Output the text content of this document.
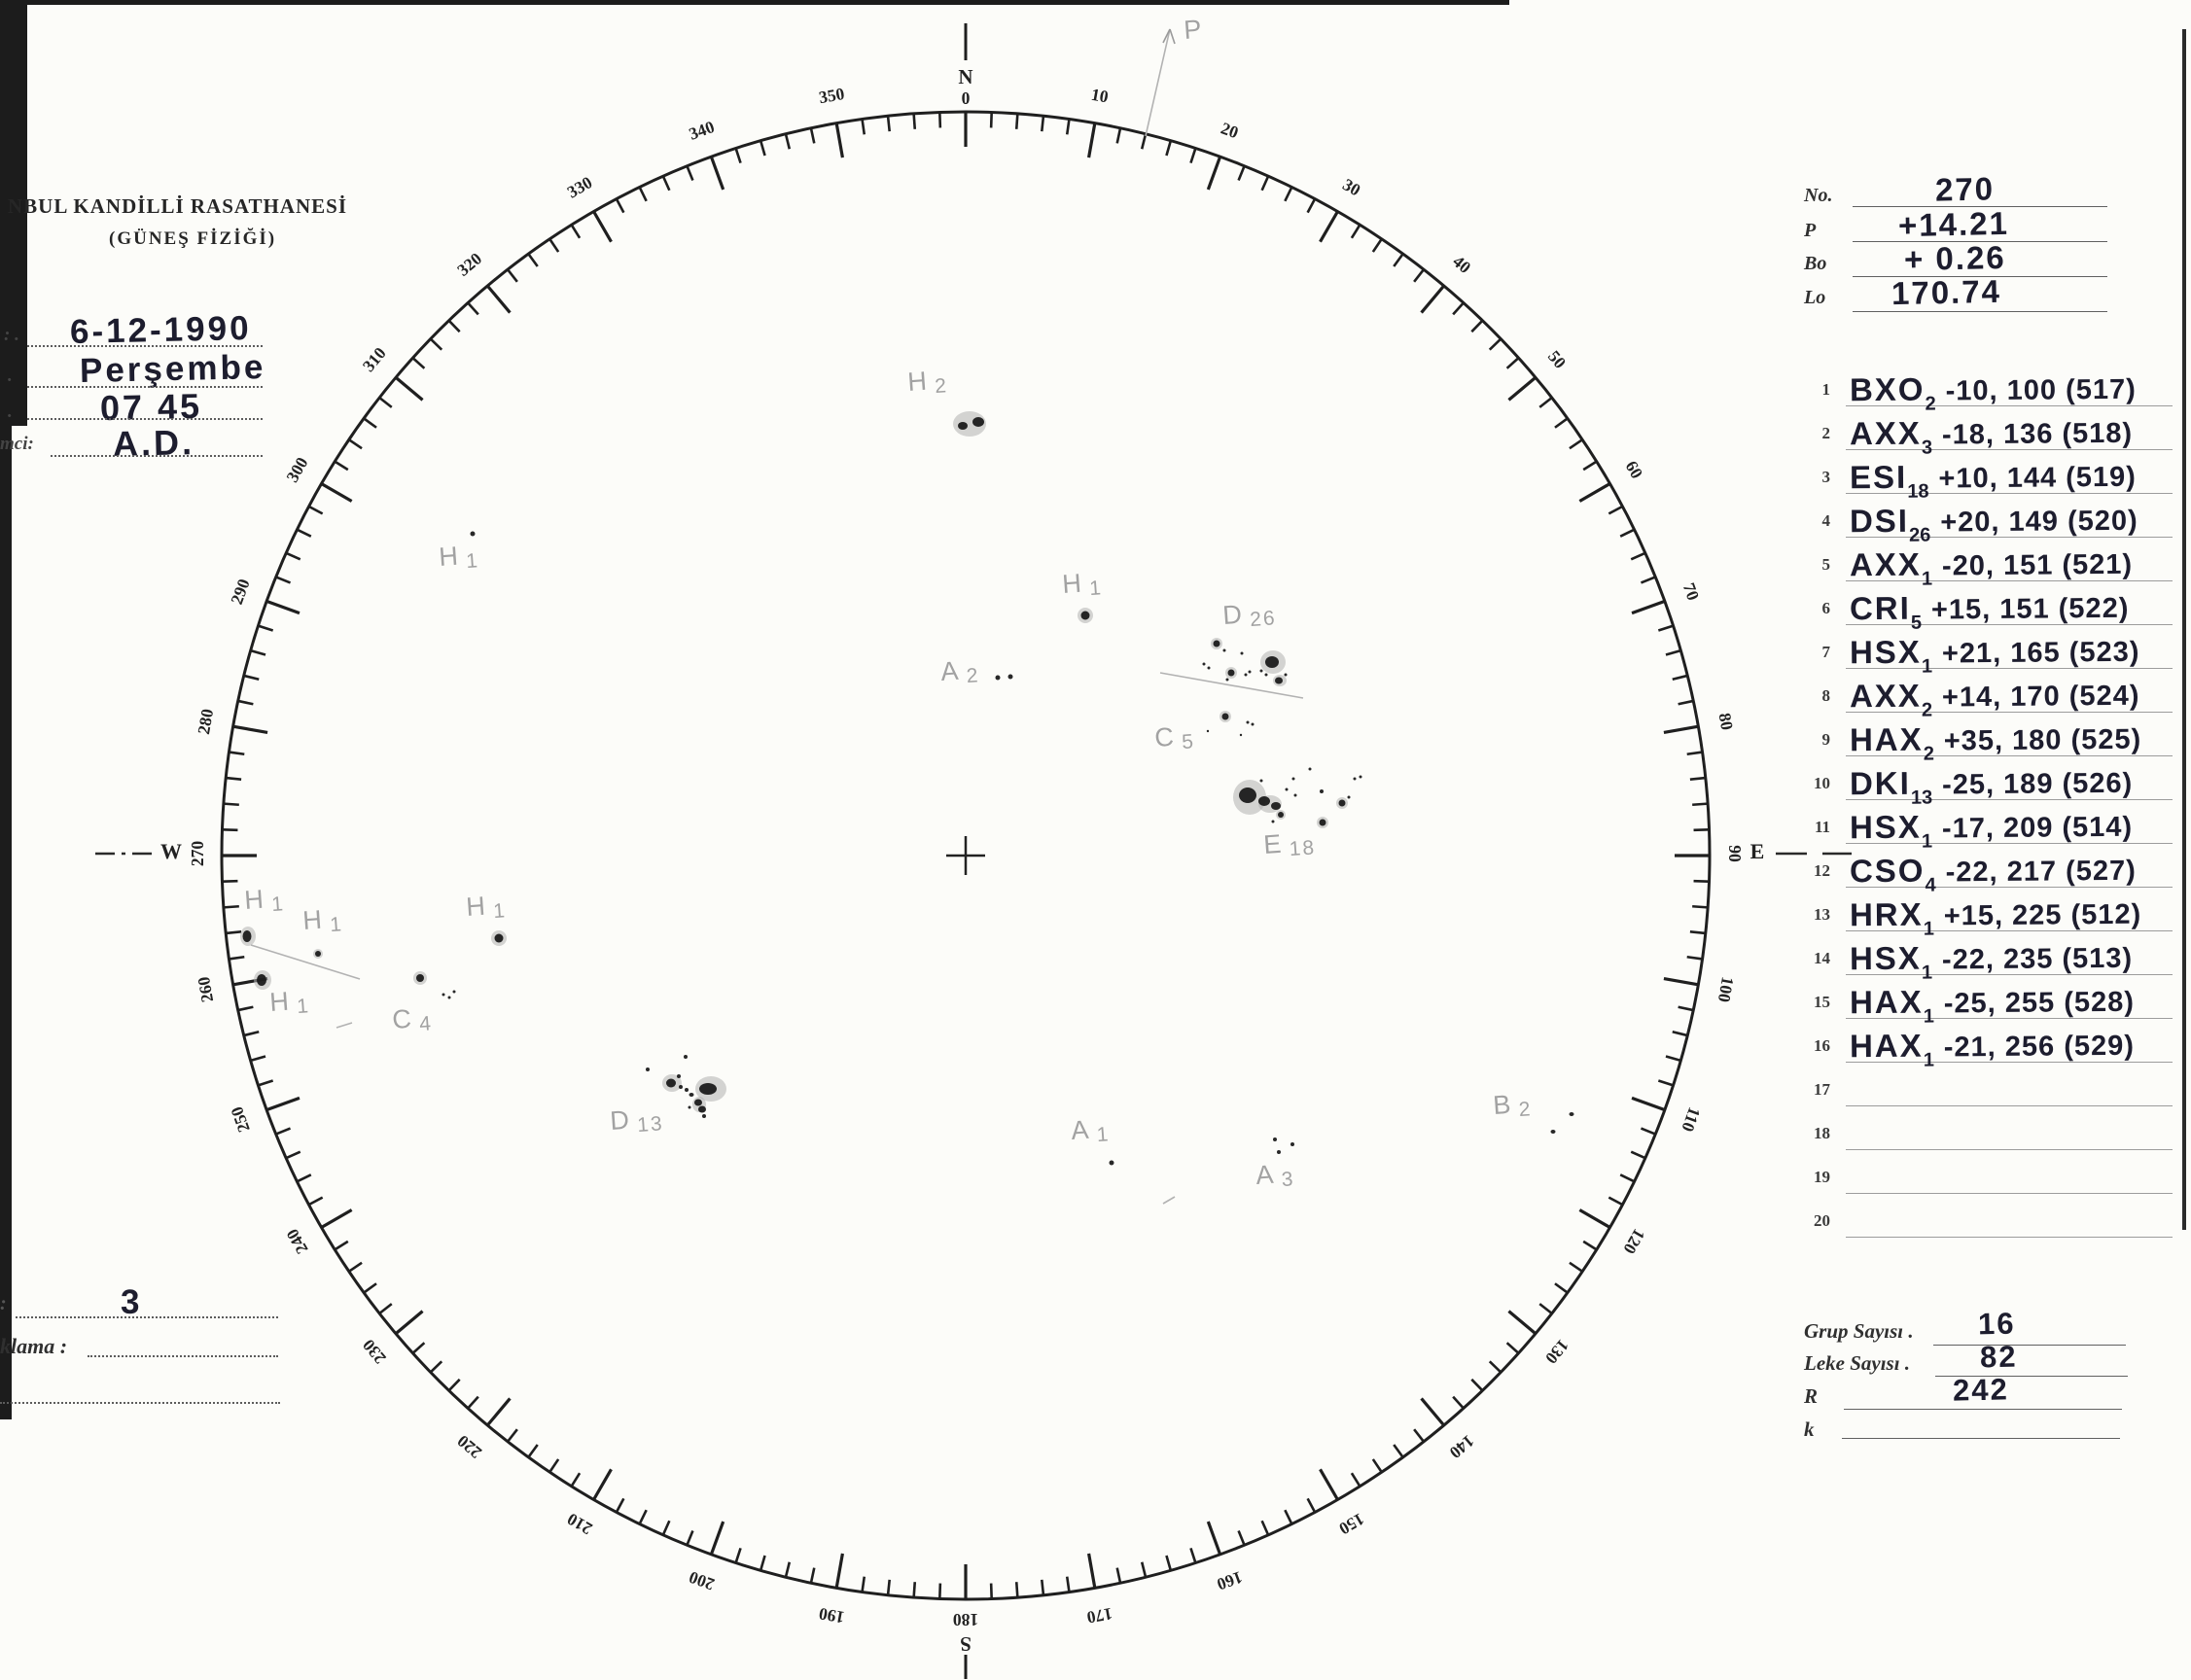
NBUL KANDİLLİ RASATHANESİ
(GÜNEŞ FİZİĞİ)
10
20
30
40
50
60
70
80
100
110
120
130
140
150
160
170
190
200
210
220
230
240
250
260
280
290
300
310
320
330
340
350
N
0
180
S
W 270	90 E
H 2
H 1
A 2
D 26
C 5
E 18
H 1
H 1
H 1
H 1
H 1	C 4
D 13	A 1
A 3
B 2
P
:	3
klama :
: . 6-12-1990
. Perşembe
. 07 45
mci: A.D.
No.	270
P	+14.21
Bo + 0.26
Lo 170.74
1 $BXO_2$ -10, 100 (517)
2 $AXX_3$ -18, 136 (518)
3 $ESI_{18} +10$, 144 (519)
4 $DSI_{26} +20$, 149 (520)
5 $AXX_1$ -20, 151 (521)
6 $CRI_5 +15$, 151 (522)
7 $HSX_1 +21$, 165 (523)
8 $AXX_2 +14$, 170 (524)
9 $HAX_2 +35$, 180 (525)
10 $DKI_{13}$ -25, 189 (526)
11 $HSX_1$ -17, 209 (514)
12 $CSO_4$ -22, 217 (527)
13 $HRX_1 +15$, 225 (512)
14 $HSX_1$ -22, 235 (513)
15 $HAX_1$ -25, 255 (528)
16 $HAX_1$ -21, 256 (529)
17
18
19
20
Grup Sayısı . 16
Leke Sayısı . 82
R	242
k
